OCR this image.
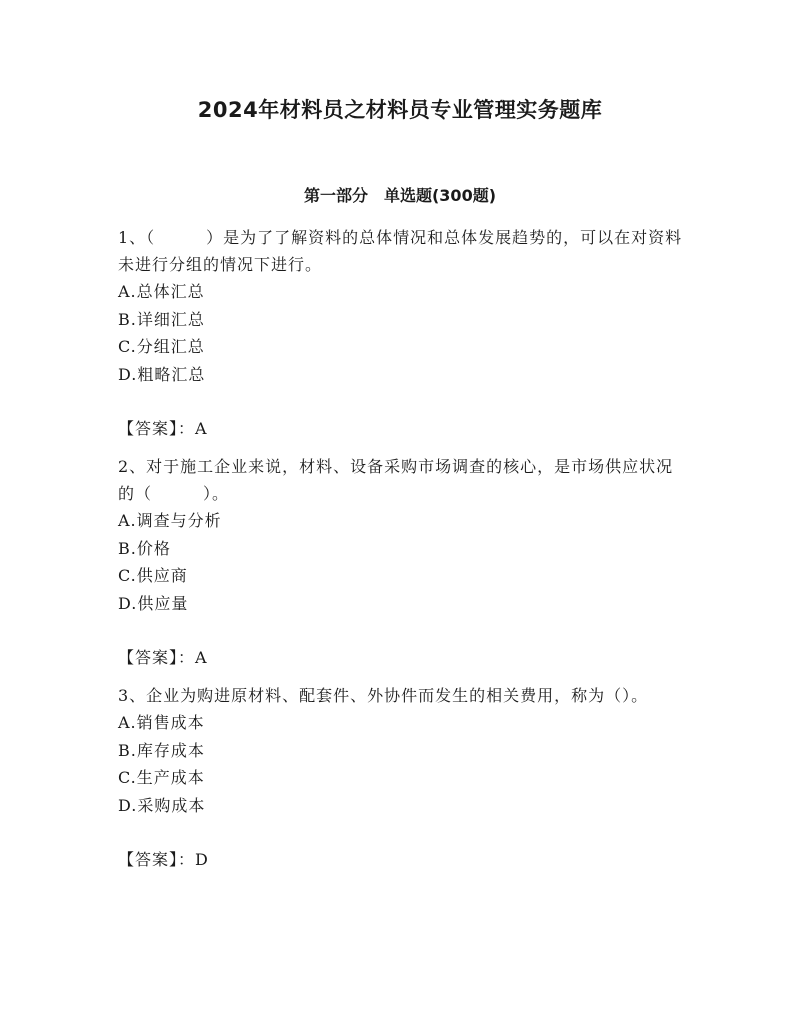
2024年材料员之材料员专业管理实务题库
第一部分　单选题(300题)

1、（　　　）是为了了解资料的总体情况和总体发展趋势的，可以在对资料未进行分组的情况下进行。

A.总体汇总

B.详细汇总

C.分组汇总

D.粗略汇总

【答案】：A

2、对于施工企业来说，材料、设备采购市场调查的核心，是市场供应状况的（　　　）。

A.调查与分析

B.价格

C.供应商

D.供应量

【答案】：A

3、企业为购进原材料、配套件、外协件而发生的相关费用，称为（）。

A.销售成本

B.库存成本

C.生产成本

D.采购成本

【答案】：D
